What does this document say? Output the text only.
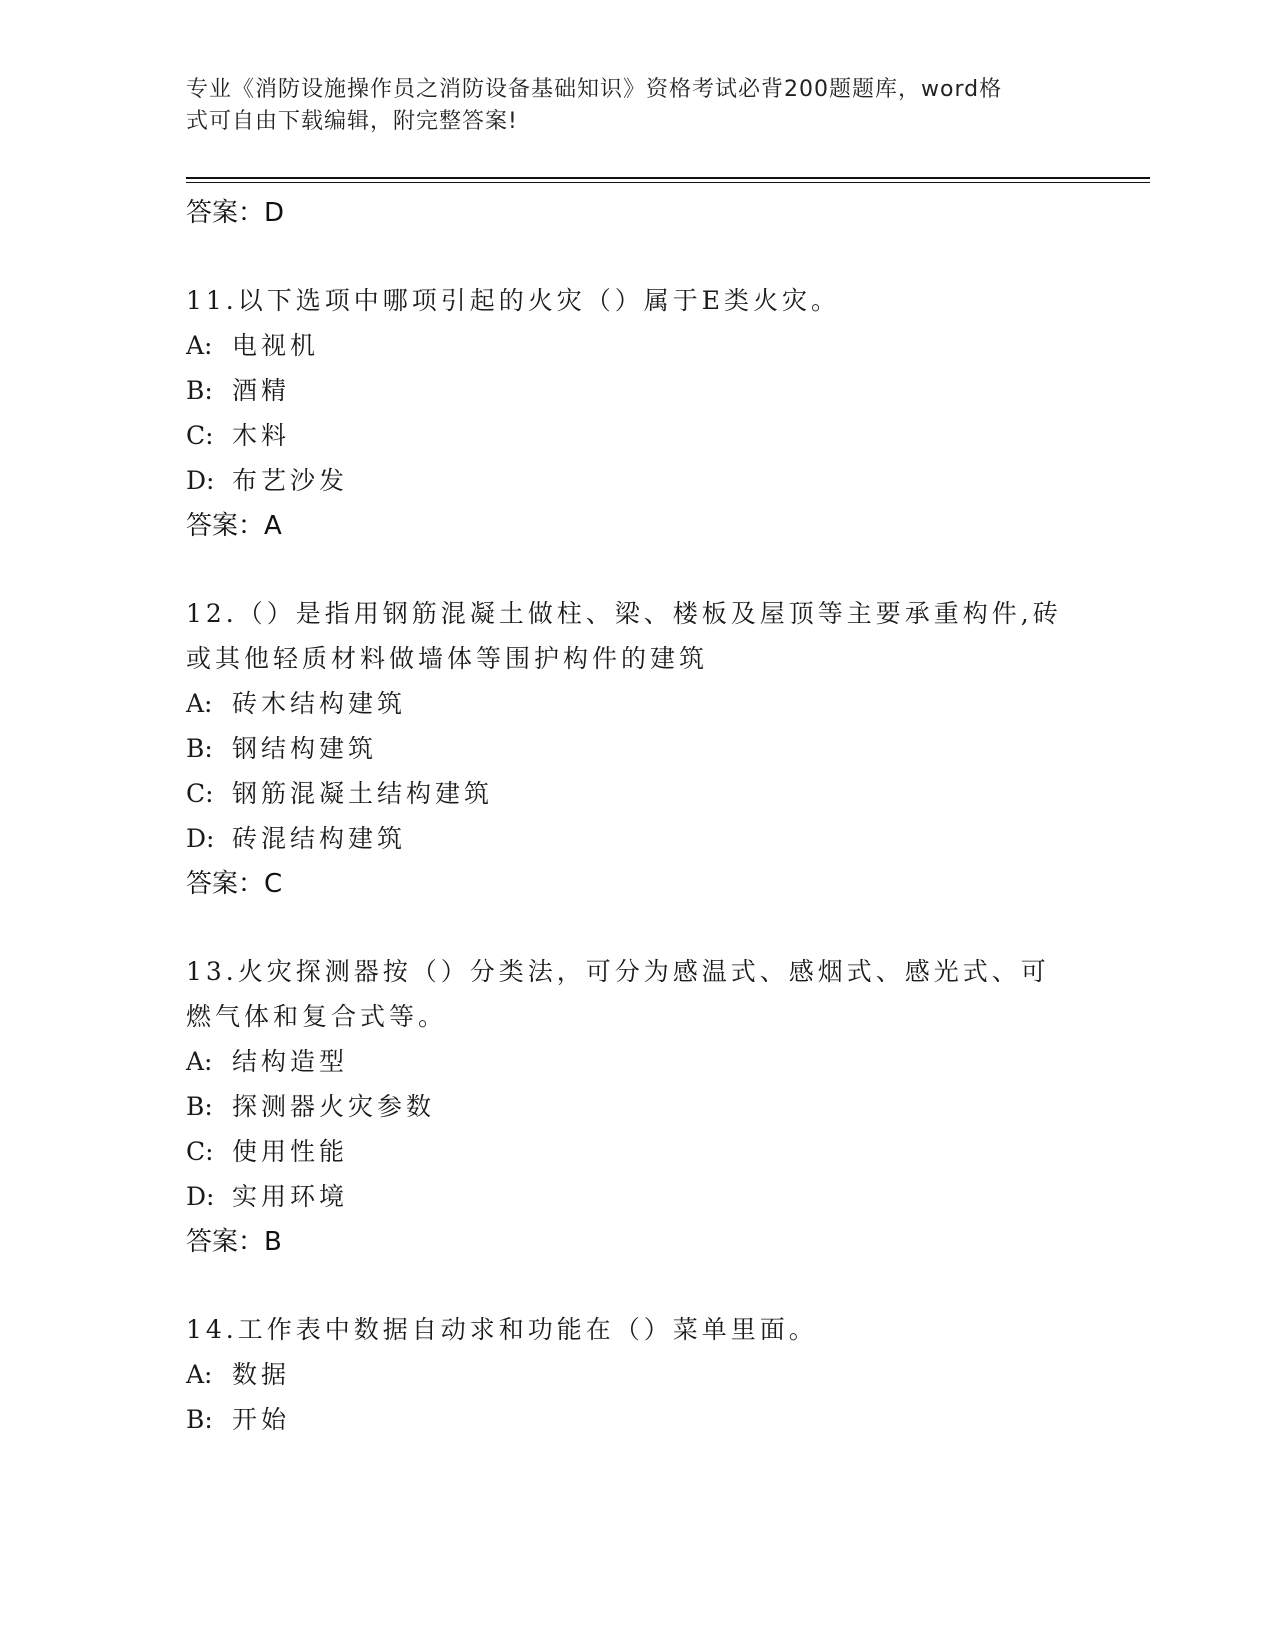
专业《消防设施操作员之消防设备基础知识》资格考试必背200题题库，word格
式可自由下载编辑，附完整答案!
答案：D
11.以下选项中哪项引起的火灾（）属于E类火灾。
A: 电视机
B: 酒精
C: 木料
D: 布艺沙发
答案：A
12.（）是指用钢筋混凝土做柱、梁、楼板及屋顶等主要承重构件,砖或其他轻质材料做墙体等围护构件的建筑
A: 砖木结构建筑
B: 钢结构建筑
C: 钢筋混凝土结构建筑
D: 砖混结构建筑
答案：C
13.火灾探测器按（）分类法，可分为感温式、感烟式、感光式、可燃气体和复合式等。
A: 结构造型
B: 探测器火灾参数
C: 使用性能
D: 实用环境
答案：B
14.工作表中数据自动求和功能在（）菜单里面。
A: 数据
B: 开始
